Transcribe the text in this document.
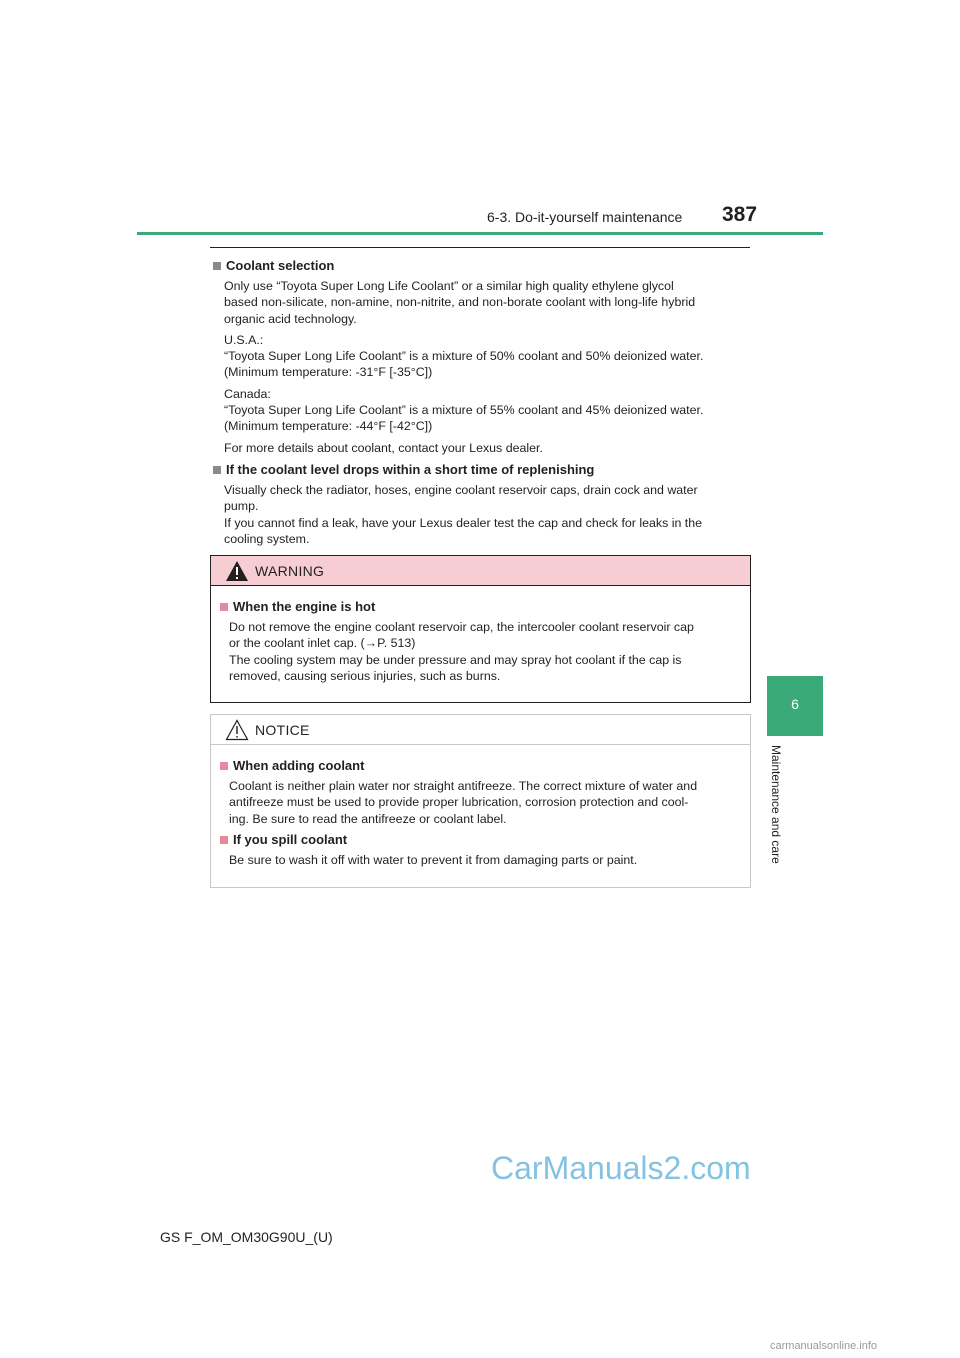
6-3. Do-it-yourself maintenance 387
6
Maintenance and care

Coolant selection

Only use “Toyota Super Long Life Coolant” or a similar high quality ethylene glycol
based non-silicate, non-amine, non-nitrite, and non-borate coolant with long-life hybrid
organic acid technology.

U.S.A.:
“Toyota Super Long Life Coolant” is a mixture of 50% coolant and 50% deionized water.
(Minimum temperature: -31°F [-35°C])

Canada:
“Toyota Super Long Life Coolant” is a mixture of 55% coolant and 45% deionized water.
(Minimum temperature: -44°F [-42°C])

For more details about coolant, contact your Lexus dealer.

If the coolant level drops within a short time of replenishing

Visually check the radiator, hoses, engine coolant reservoir caps, drain cock and water
pump.
If you cannot find a leak, have your Lexus dealer test the cap and check for leaks in the
cooling system.

WARNING

When the engine is hot

Do not remove the engine coolant reservoir cap, the intercooler coolant reservoir cap
or the coolant inlet cap. (→P. 513)
The cooling system may be under pressure and may spray hot coolant if the cap is
removed, causing serious injuries, such as burns.

NOTICE

When adding coolant

Coolant is neither plain water nor straight antifreeze. The correct mixture of water and
antifreeze must be used to provide proper lubrication, corrosion protection and cool-
ing. Be sure to read the antifreeze or coolant label.

If you spill coolant

Be sure to wash it off with water to prevent it from damaging parts or paint.

CarManuals2.com
GS F_OM_OM30G90U_(U)
carmanualsonline.info
